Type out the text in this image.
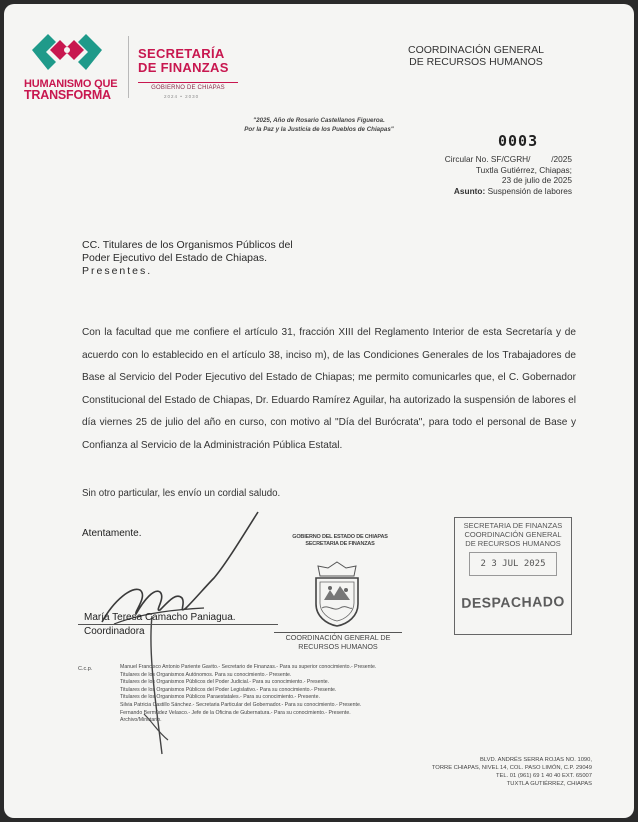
HUMANISMO QUE
TRANSFORMA
SECRETARÍA
DE FINANZAS
GOBIERNO DE CHIAPAS
2024 • 2030
COORDINACIÓN GENERAL
DE RECURSOS HUMANOS
"2025, Año de Rosario Castellanos Figueroa.
Por la Paz y la Justicia de los Pueblos de Chiapas"
0003
Circular No. SF/CGRH/         /2025
Tuxtla Gutiérrez, Chiapas;
23 de julio de 2025
Asunto: Suspensión de labores
CC. Titulares de los Organismos Públicos del
Poder Ejecutivo del Estado de Chiapas.
Presentes.
Con la facultad que me confiere el artículo 31, fracción XIII del Reglamento Interior de esta Secretaría y de acuerdo con lo establecido en el artículo 38, inciso m), de las Condiciones Generales de los Trabajadores de Base al Servicio del Poder Ejecutivo del Estado de Chiapas; me permito comunicarles que, el C. Gobernador Constitucional del Estado de Chiapas, Dr. Eduardo Ramírez Aguilar, ha autorizado la suspensión de labores el día viernes 25 de julio del año en curso, con motivo al "Día del Burócrata", para todo el personal de Base y Confianza al Servicio de la Administración Pública Estatal.
Sin otro particular, les envío un cordial saludo.
Atentamente.
María Teresa Camacho Paniagua.
Coordinadora
GOBIERNO DEL ESTADO DE CHIAPAS
SECRETARIA DE FINANZAS
COORDINACIÓN GENERAL DE
RECURSOS HUMANOS
SECRETARIA DE FINANZAS
COORDINACIÓN GENERAL
DE RECURSOS HUMANOS
2 3 JUL 2025
DESPACHADO
C.c.p.	Manuel Francisco Antonio Pariente Gavito.- Secretario de Finanzas.- Para su superior conocimiento.- Presente.
Titulares de los Organismos Autónomos. Para su conocimiento.- Presente.
Titulares de los Organismos Públicos del Poder Judicial.- Para su conocimiento.- Presente.
Titulares de los Organismos Públicos del Poder Legislativo.- Para su conocimiento.- Presente.
Titulares de los Organismos Públicos Paraestatales.- Para su conocimiento.- Presente.
Silvia Patricia Castillo Sánchez.- Secretaria Particular del Gobernador.- Para su conocimiento.- Presente.
Fernando Bermúdez Velasco.- Jefe de la Oficina de Gubernatura.- Para su conocimiento.- Presente.
Archivo/Minutario.
BLVD. ANDRÉS SERRA ROJAS NO. 1090,
TORRE CHIAPAS, NIVEL 14, COL. PASO LIMÓN, C.P. 29049
TEL. 01 (961) 69 1 40 40 EXT. 65007
TUXTLA GUTIÉRREZ, CHIAPAS
